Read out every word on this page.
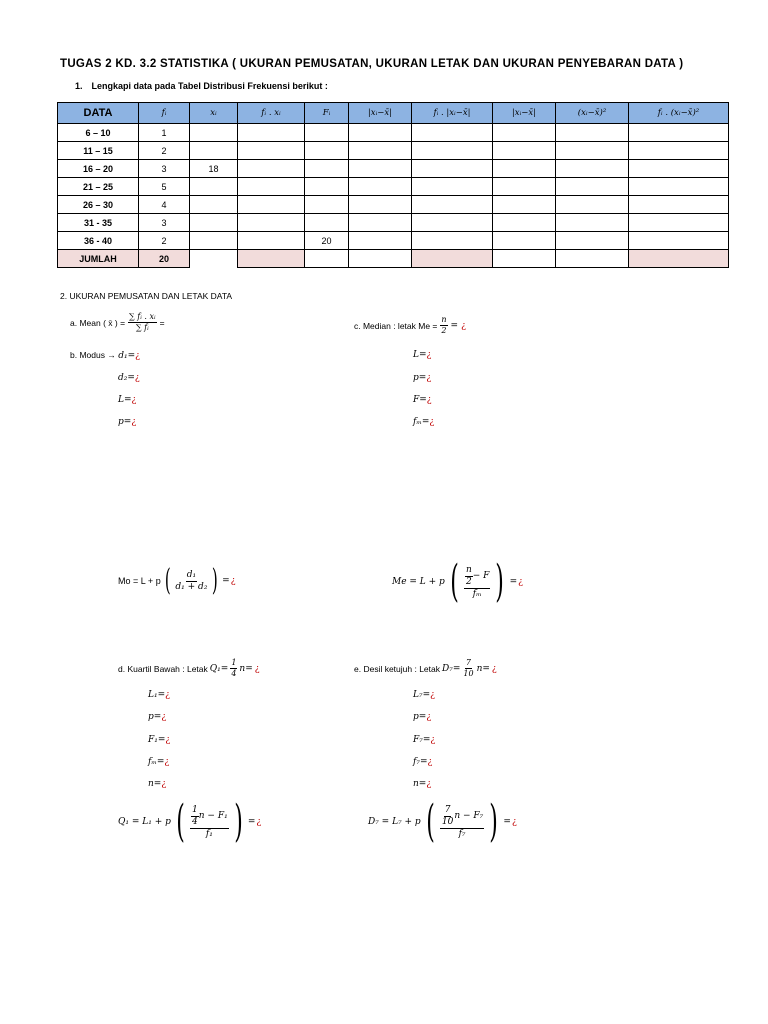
TUGAS 2 KD. 3.2 STATISTIKA ( UKURAN PEMUSATAN, UKURAN LETAK DAN UKURAN PENYEBARAN DATA )
1. Lengkapi data pada Tabel Distribusi Frekuensi berikut :
DATA	fᵢ	xᵢ	fᵢ . xᵢ	Fᵢ	|xᵢ−x̄|	fᵢ . |xᵢ−x̄|	|xᵢ−x̄|	(xᵢ−x̄)²	fᵢ . (xᵢ−x̄)²
6 – 10	1								
11 – 15	2								
16 – 20	3	18							
21 – 25	5								
26 – 30	4								
31 - 35	3								
36 - 40	2			20					
JUMLAH	20								
2. UKURAN PEMUSATAN DAN LETAK DATA
a. Mean ( x̄ ) = $\frac{\text{∑ fᵢ . xᵢ}}{\text{∑ fᵢ}}$ =	c. Median : letak $Me = \frac{n}{2}$ = ¿
b. Modus → d₁=¿
d₂=¿
L=¿
p=¿
L=¿
p=¿
F=¿
fₘ=¿
Mo = L + p ( $\frac{\text{d₁}}{\text{d₁ + d₂}}$ ) = ¿	Me = L + p ( $\frac{\frac{n}{2} - F}{\text{fₘ}}$ ) = ¿
d. Kuartil Bawah : Letak $Q_1= \frac{1}{4} n=$ ¿
L₁=¿
p=¿
F₁=¿
fₘ=¿
n=¿
Q₁ = L₁ + p ( $\frac{\frac{1}{4} n - F_1}{\text{f₁}}$ ) = ¿
e. Desil ketujuh : Letak $D_7= \frac{7}{10} n=$ ¿
L₇=¿
p=¿
F₇=¿
f₇=¿
n=¿
D₇ = L₇ + p ( $\frac{\frac{7}{10} n - F_7}{\text{f₇}}$ ) = ¿
